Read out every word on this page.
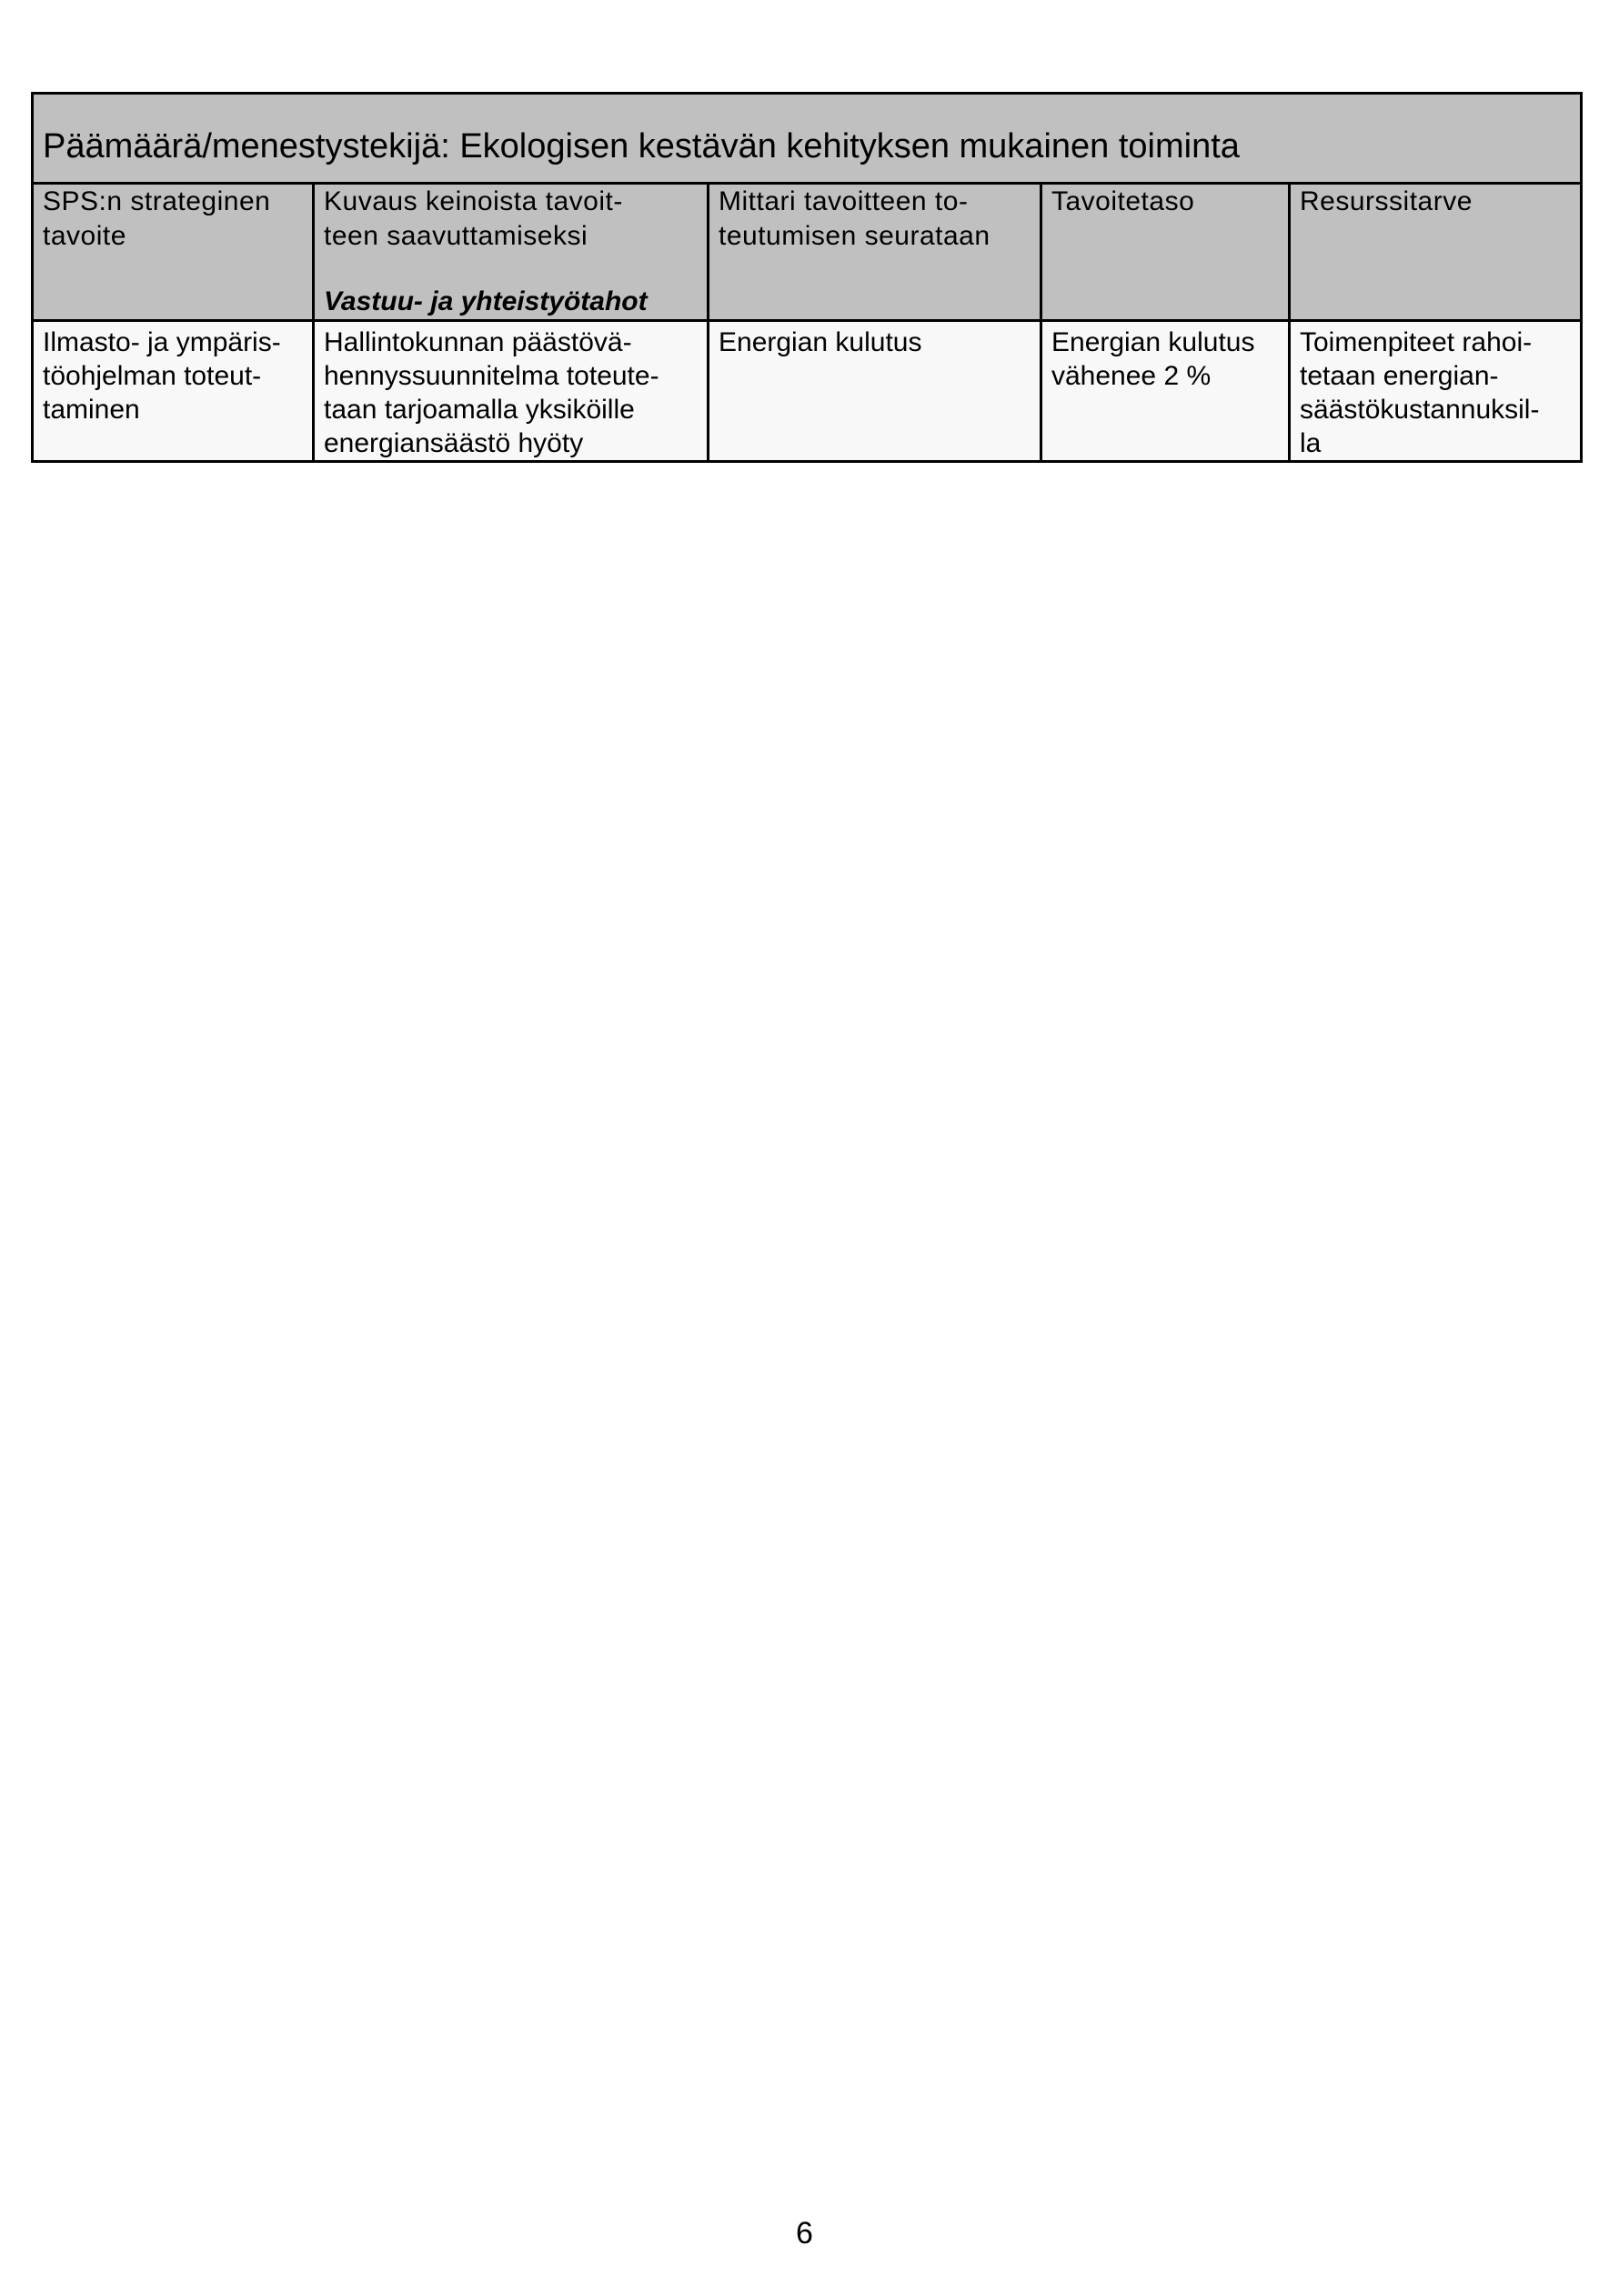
Päämäärä/menestystekijä: Ekologisen kestävän kehityksen mukainen toiminta				

SPS:n strateginen
tavoite	Kuvaus keinoista tavoit-
teen saavuttamiseksi
Vastuu- ja yhteistyötahot	Mittari tavoitteen to-
teutumisen seurataan	Tavoitetaso	Resurssitarve

Ilmasto- ja ympäris-
töohjelman toteut-
taminen	Hallintokunnan päästövä-
hennyssuunnitelma toteute-
taan tarjoamalla yksiköille
energiansäästö hyöty	Energian kulutus	Energian kulutus
vähenee 2 %	Toimenpiteet rahoi-
tetaan energian-
säästökustannuksil-
la
6
